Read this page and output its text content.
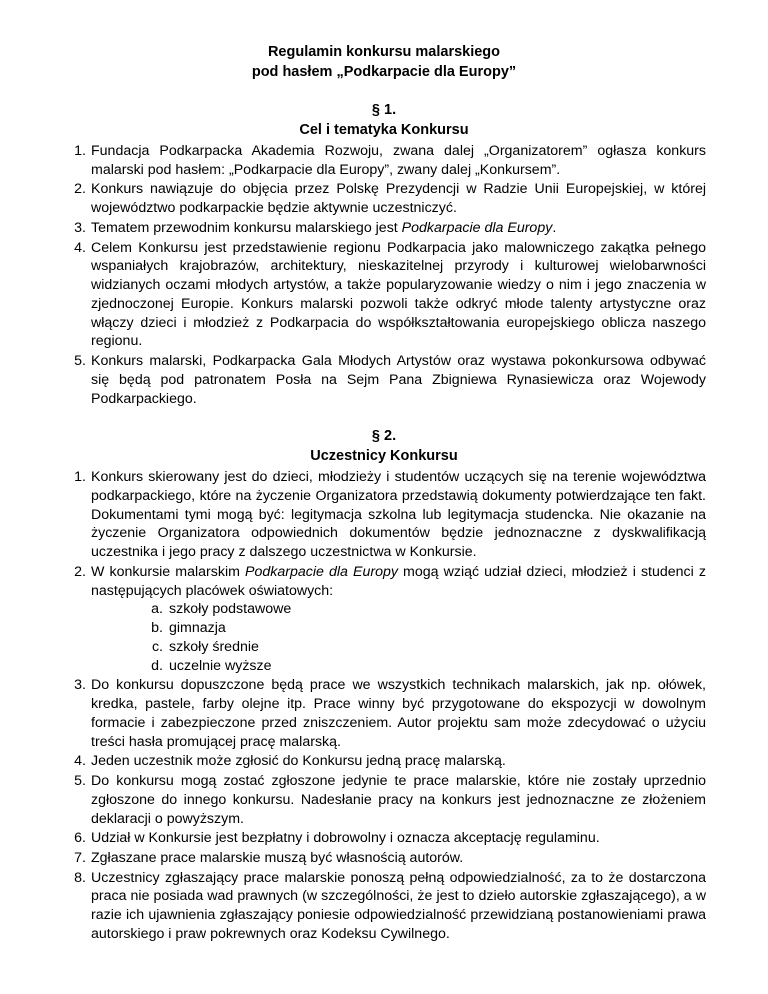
Regulamin konkursu malarskiego
pod hasłem „Podkarpacie dla Europy”
§ 1.
Cel i tematyka Konkursu
1. Fundacja Podkarpacka Akademia Rozwoju, zwana dalej „Organizatorem” ogłasza konkurs malarski pod hasłem: „Podkarpacie dla Europy”, zwany dalej „Konkursem”.
2. Konkurs nawiązuje do objęcia przez Polskę Prezydencji w Radzie Unii Europejskiej, w której województwo podkarpackie będzie aktywnie uczestniczyć.
3. Tematem przewodnim konkursu malarskiego jest Podkarpacie dla Europy.
4. Celem Konkursu jest przedstawienie regionu Podkarpacia jako malowniczego zakątka pełnego wspaniałych krajobrazów, architektury, nieskazitelnej przyrody i kulturowej wielobarwności widzianych oczami młodych artystów, a także popularyzowanie wiedzy o nim i jego znaczenia w zjednoczonej Europie. Konkurs malarski pozwoli także odkryć młode talenty artystyczne oraz włączy dzieci i młodzież z Podkarpacia do współkształtowania europejskiego oblicza naszego regionu.
5. Konkurs malarski, Podkarpacka Gala Młodych Artystów oraz wystawa pokonkursowa odbywać się będą pod patronatem Posła na Sejm Pana Zbigniewa Rynasiewicza oraz Wojewody Podkarpackiego.
§ 2.
Uczestnicy Konkursu
1. Konkurs skierowany jest do dzieci, młodzieży i studentów uczących się na terenie województwa podkarpackiego, które na życzenie Organizatora przedstawią dokumenty potwierdzające ten fakt. Dokumentami tymi mogą być: legitymacja szkolna lub legitymacja studencka. Nie okazanie na życzenie Organizatora odpowiednich dokumentów będzie jednoznaczne z dyskwalifikacją uczestnika i jego pracy z dalszego uczestnictwa w Konkursie.
2. W konkursie malarskim Podkarpacie dla Europy mogą wziąć udział dzieci, młodzież i studenci z następujących placówek oświatowych:
a. szkoły podstawowe
b. gimnazja
c. szkoły średnie
d. uczelnie wyższe
3. Do konkursu dopuszczone będą prace we wszystkich technikach malarskich, jak np. ołówek, kredka, pastele, farby olejne itp. Prace winny być przygotowane do ekspozycji w dowolnym formacie i zabezpieczone przed zniszczeniem. Autor projektu sam może zdecydować o użyciu treści hasła promującej pracę malarską.
4. Jeden uczestnik może zgłosić do Konkursu jedną pracę malarską.
5. Do konkursu mogą zostać zgłoszone jedynie te prace malarskie, które nie zostały uprzednio zgłoszone do innego konkursu. Nadesłanie pracy na konkurs jest jednoznaczne ze złożeniem deklaracji o powyższym.
6. Udział w Konkursie jest bezpłatny i dobrowolny i oznacza akceptację regulaminu.
7. Zgłaszane prace malarskie muszą być własnością autorów.
8. Uczestnicy zgłaszający prace malarskie ponoszą pełną odpowiedzialność, za to że dostarczona praca nie posiada wad prawnych (w szczególności, że jest to dzieło autorskie zgłaszającego), a w razie ich ujawnienia zgłaszający poniesie odpowiedzialność przewidzianą postanowieniami prawa autorskiego i praw pokrewnych oraz Kodeksu Cywilnego.
